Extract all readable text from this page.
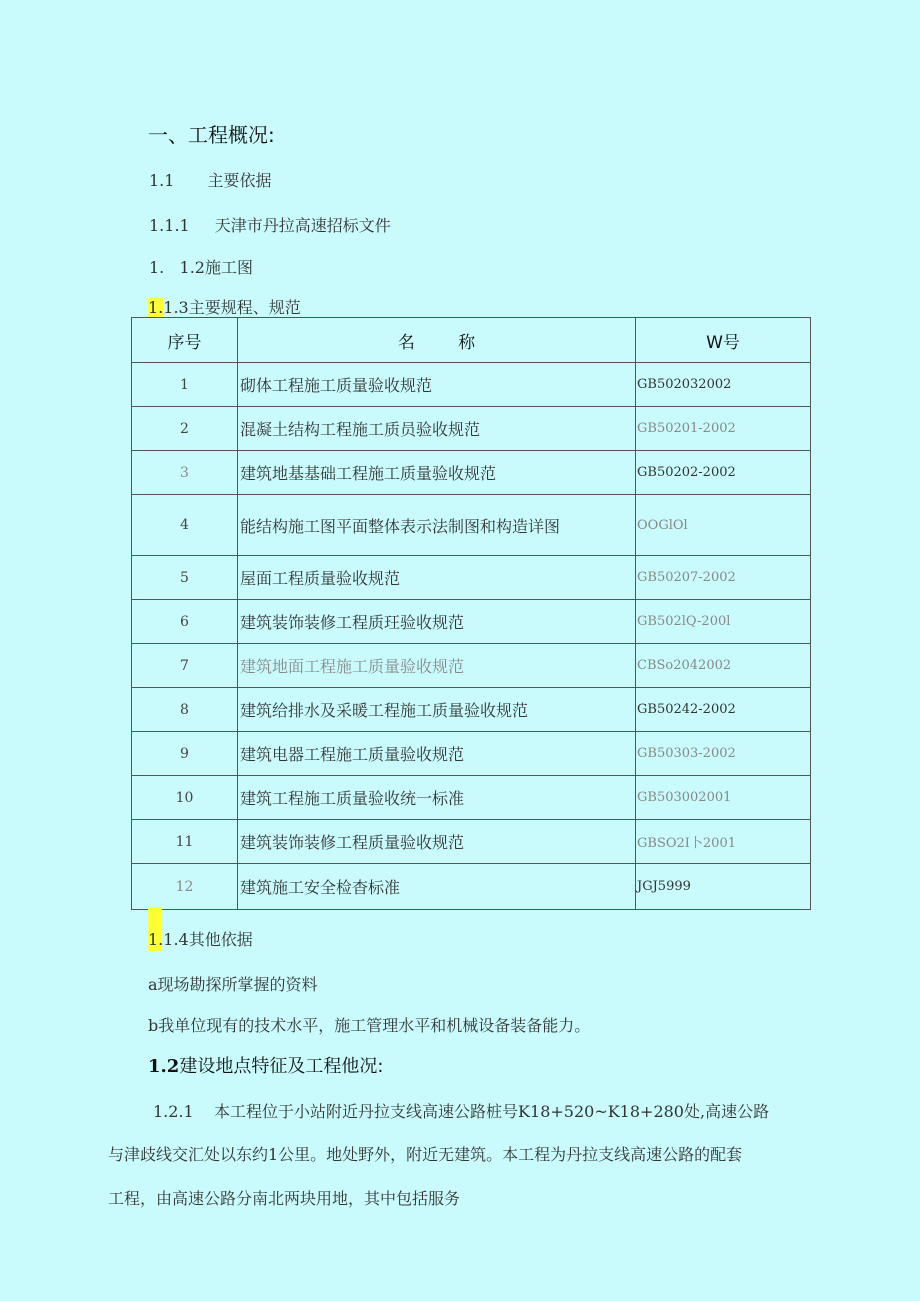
一、工程概况:
1.1 主要依据
1.1.1 天津市丹拉高速招标文件
1.   1.2施工图
1.1.3主要规程、规范
序号	名        称	W号
1	砌体工程施工质量验收规范	GB502032002
2	混凝土结构工程施工质员验收规范	GB50201-2002
3	建筑地基基础工程施工质量验收规范	GB50202-2002
4	能结构施工图平面整体表示法制图和构造详图	OOGlOl
5	屋面工程质量验收规范	GB50207-2002
6	建筑装饰装修工程质玨验收规范	GB502lQ-200l
7	建筑地面工程施工质量验收规范	CBSo2042002
8	建筑给排水及采暖工程施工质量验收规范	GB50242-2002
9	建筑电器工程施工质量验收规范	GB50303-2002
10	建筑工程施工质量验收统一标准	GB503002001
11	建筑装饰装修工程质量验收规范	GBSO2I卜2001
12	建筑施工安全检杳标准	JGJ5999
1.1.4其他依据
a现场勘探所掌握的资料
b我单位现有的技术水平，施工管理水平和机械设备装备能力。
1.2建设地点特征及工程他况:
1.2.1    本工程位于小站附近丹拉支线高速公路桩号K18+520~K18+280处,高速公路
与津歧线交汇处以东约1公里。地处野外，附近无建筑。本工程为丹拉支线高速公路的配套
工程，由高速公路分南北两块用地，其中包括服务
